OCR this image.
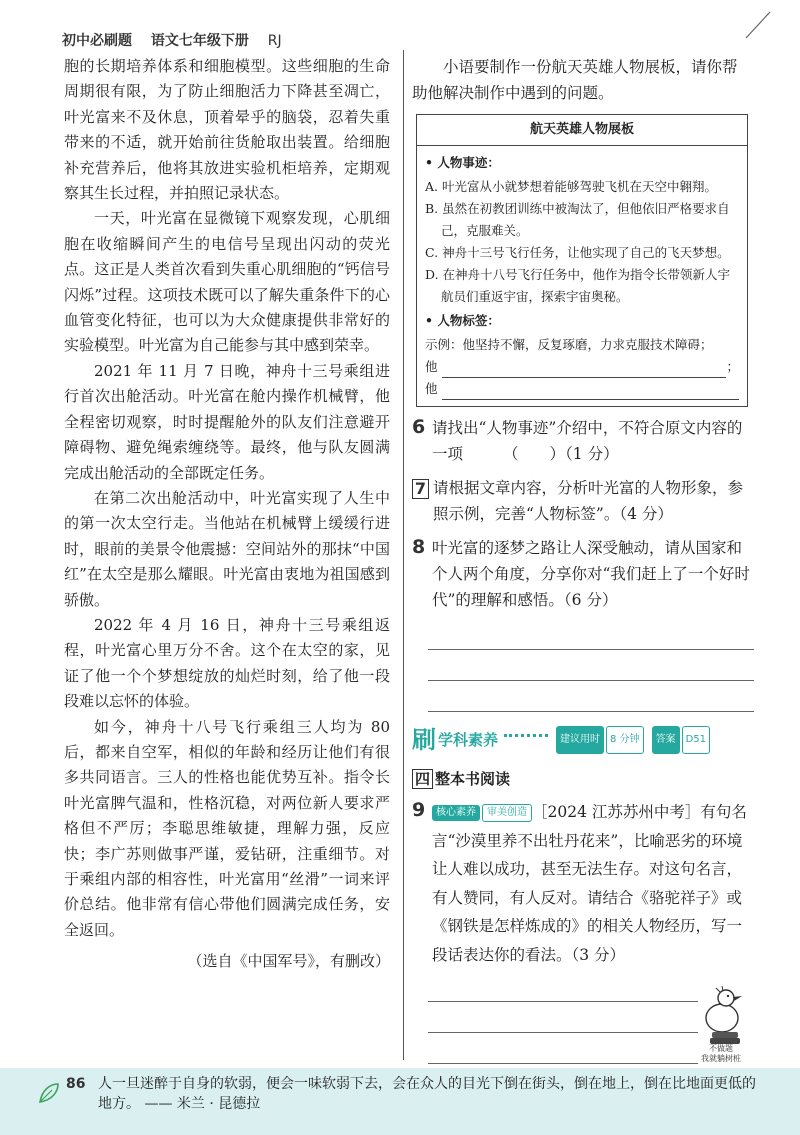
初中必刷题 语文七年级下册 RJ

胞的长期培养体系和细胞模型。这些细胞的生命周期很有限，为了防止细胞活力下降甚至凋亡，叶光富来不及休息，顶着晕乎的脑袋，忍着失重带来的不适，就开始前往货舱取出装置。给细胞补充营养后，他将其放进实验机柜培养，定期观察其生长过程，并拍照记录状态。

一天，叶光富在显微镜下观察发现，心肌细胞在收缩瞬间产生的电信号呈现出闪动的荧光点。这正是人类首次看到失重心肌细胞的“钙信号闪烁”过程。这项技术既可以了解失重条件下的心血管变化特征，也可以为大众健康提供非常好的实验模型。叶光富为自己能参与其中感到荣幸。

2021 年 11 月 7 日晚，神舟十三号乘组进行首次出舱活动。叶光富在舱内操作机械臂，他全程密切观察，时时提醒舱外的队友们注意避开障碍物、避免绳索缠绕等。最终，他与队友圆满完成出舱活动的全部既定任务。

在第二次出舱活动中，叶光富实现了人生中的第一次太空行走。当他站在机械臂上缓缓行进时，眼前的美景令他震撼：空间站外的那抹“中国红”在太空是那么耀眼。叶光富由衷地为祖国感到骄傲。

2022 年 4 月 16 日，神舟十三号乘组返程，叶光富心里万分不舍。这个在太空的家，见证了他一个个梦想绽放的灿烂时刻，给了他一段段难以忘怀的体验。

如今，神舟十八号飞行乘组三人均为 80 后，都来自空军，相似的年龄和经历让他们有很多共同语言。三人的性格也能优势互补。指令长叶光富脾气温和，性格沉稳，对两位新人要求严格但不严厉；李聪思维敏捷，理解力强，反应快；李广苏则做事严谨，爱钻研，注重细节。对于乘组内部的相容性，叶光富用“丝滑”一词来评价总结。他非常有信心带他们圆满完成任务，安全返回。

（选自《中国军号》，有删改）

小语要制作一份航天英雄人物展板，请你帮助他解决制作中遇到的问题。

航天英雄人物展板
• 人物事迹：
A. 叶光富从小就梦想着能够驾驶飞机在天空中翱翔。
B. 虽然在初教团训练中被淘汰了，但他依旧严格要求自己，克服难关。
C. 神舟十三号飞行任务，让他实现了自己的飞天梦想。
D. 在神舟十八号飞行任务中，他作为指令长带领新人宇航员们重返宇宙，探索宇宙奥秘。
• 人物标签：
示例：他坚持不懈，反复琢磨，力求克服技术障碍；
他	；
他
6 请找出“人物事迹”介绍中，不符合原文内容的一项	（　　）（1 分）
7 请根据文章内容，分析叶光富的人物形象，参照示例，完善“人物标签”。（4 分）
8 叶光富的逐梦之路让人深受触动，请从国家和个人两个角度，分享你对“我们赶上了一个好时代”的理解和感悟。（6 分）
刷 学科素养	建议用时	8 分钟	答案	D51
四 整本书阅读
9	核心素养 审美创造 ［2024 江苏苏州中考］有句名言“沙漠里养不出牡丹花来”，比喻恶劣的环境让人难以成功，甚至无法生存。对这句名言，有人赞同，有人反对。请结合《骆驼祥子》或《钢铁是怎样炼成的》的相关人物经历，写一段话表达你的看法。（3 分）
不做题
我就躺树桩
86 人一旦迷醉于自身的软弱，便会一味软弱下去，会在众人的目光下倒在街头，倒在地上，倒在比地面更低的地方。 —— 米兰 · 昆德拉
